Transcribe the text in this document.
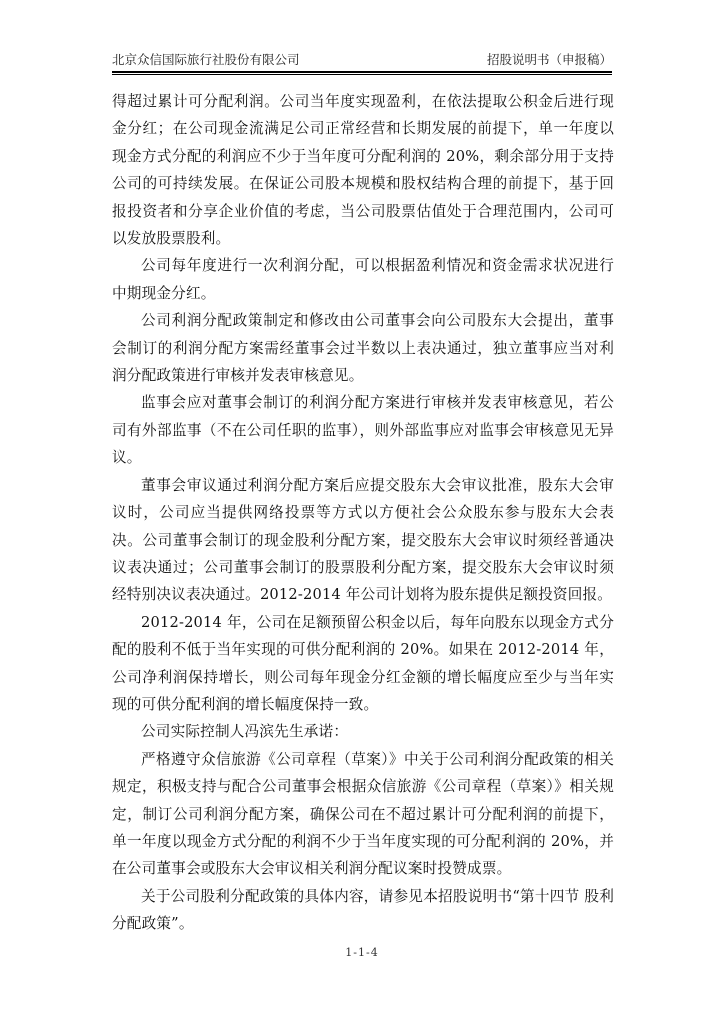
北京众信国际旅行社股份有限公司	招股说明书（申报稿）

得超过累计可分配利润。公司当年度实现盈利，在依法提取公积金后进行现金分红；在公司现金流满足公司正常经营和长期发展的前提下，单一年度以现金方式分配的利润应不少于当年度可分配利润的 20%，剩余部分用于支持公司的可持续发展。在保证公司股本规模和股权结构合理的前提下，基于回报投资者和分享企业价值的考虑，当公司股票估值处于合理范围内，公司可以发放股票股利。

公司每年度进行一次利润分配，可以根据盈利情况和资金需求状况进行中期现金分红。

公司利润分配政策制定和修改由公司董事会向公司股东大会提出，董事会制订的利润分配方案需经董事会过半数以上表决通过，独立董事应当对利润分配政策进行审核并发表审核意见。

监事会应对董事会制订的利润分配方案进行审核并发表审核意见，若公司有外部监事（不在公司任职的监事），则外部监事应对监事会审核意见无异议。

董事会审议通过利润分配方案后应提交股东大会审议批准，股东大会审议时，公司应当提供网络投票等方式以方便社会公众股东参与股东大会表决。公司董事会制订的现金股利分配方案，提交股东大会审议时须经普通决议表决通过；公司董事会制订的股票股利分配方案，提交股东大会审议时须经特别决议表决通过。2012-2014 年公司计划将为股东提供足额投资回报。

2012-2014 年，公司在足额预留公积金以后，每年向股东以现金方式分配的股利不低于当年实现的可供分配利润的 20%。如果在 2012-2014 年，公司净利润保持增长，则公司每年现金分红金额的增长幅度应至少与当年实现的可供分配利润的增长幅度保持一致。

公司实际控制人冯滨先生承诺：

严格遵守众信旅游《公司章程（草案）》中关于公司利润分配政策的相关规定，积极支持与配合公司董事会根据众信旅游《公司章程（草案）》相关规定，制订公司利润分配方案，确保公司在不超过累计可分配利润的前提下，单一年度以现金方式分配的利润不少于当年度实现的可分配利润的 20%，并在公司董事会或股东大会审议相关利润分配议案时投赞成票。

关于公司股利分配政策的具体内容，请参见本招股说明书“第十四节 股利分配政策”。

1-1-4
